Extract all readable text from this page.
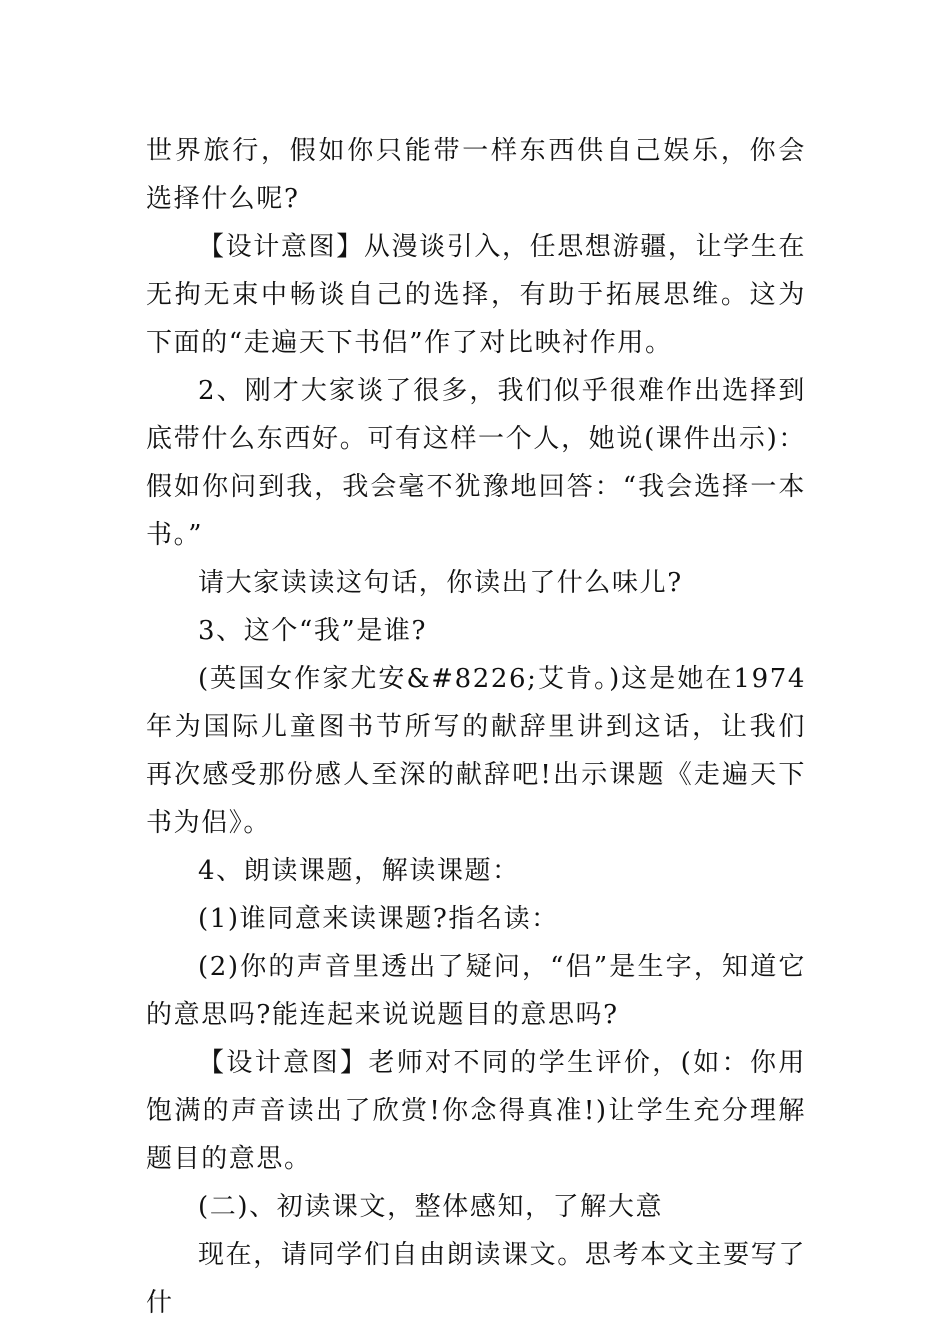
世界旅行，假如你只能带一样东西供自己娱乐，你会选择什么呢?

【设计意图】从漫谈引入，任思想游疆，让学生在无拘无束中畅谈自己的选择，有助于拓展思维。这为下面的“走遍天下书侣”作了对比映衬作用。

2、刚才大家谈了很多，我们似乎很难作出选择到底带什么东西好。可有这样一个人，她说(课件出示)：假如你问到我，我会毫不犹豫地回答：“我会选择一本书。”

请大家读读这句话，你读出了什么味儿?

3、这个“我”是谁?

(英国女作家尤安&#8226;艾肯。)这是她在1974年为国际儿童图书节所写的献辞里讲到这话，让我们再次感受那份感人至深的献辞吧!出示课题《走遍天下书为侣》。

4、朗读课题，解读课题：

(1)谁同意来读课题?指名读：

(2)你的声音里透出了疑问，“侣”是生字，知道它的意思吗?能连起来说说题目的意思吗?

【设计意图】老师对不同的学生评价，(如：你用饱满的声音读出了欣赏!你念得真准!)让学生充分理解题目的意思。

(二)、初读课文，整体感知，了解大意

现在，请同学们自由朗读课文。思考本文主要写了什
